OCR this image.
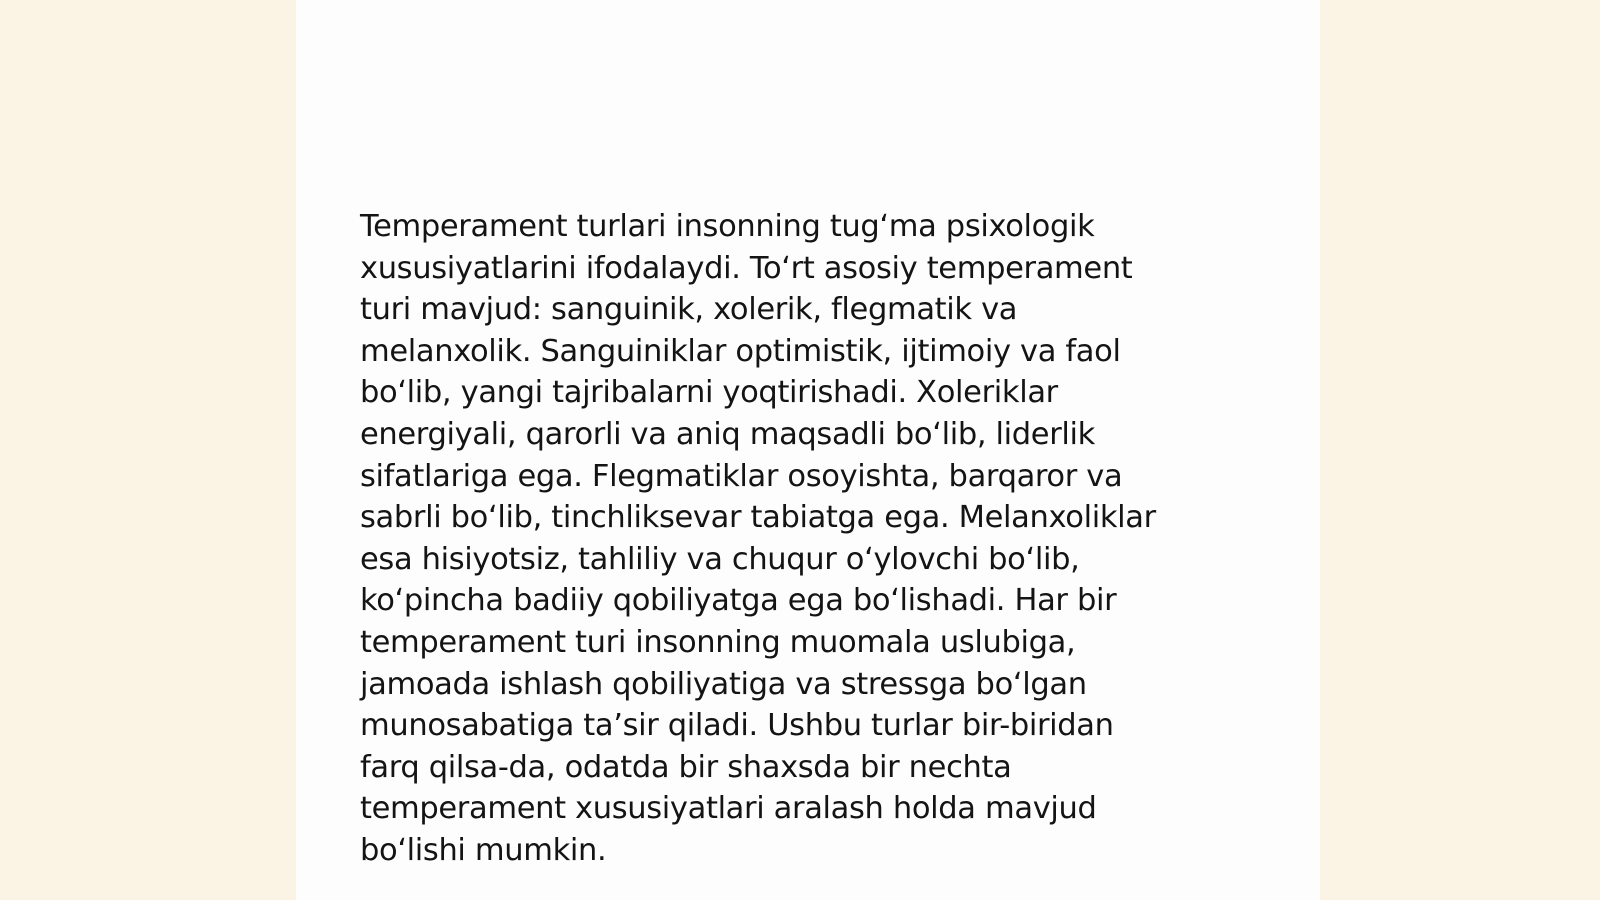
Temperament turlari insonning tug‘ma psixologik
xususiyatlarini ifodalaydi. To‘rt asosiy temperament
turi mavjud: sanguinik, xolerik, flegmatik va
melanxolik. Sanguiniklar optimistik, ijtimoiy va faol
bo‘lib, yangi tajribalarni yoqtirishadi. Xoleriklar
energiyali, qarorli va aniq maqsadli bo‘lib, liderlik
sifatlariga ega. Flegmatiklar osoyishta, barqaror va
sabrli bo‘lib, tinchliksevar tabiatga ega. Melanxoliklar
esa hisiyotsiz, tahliliy va chuqur o‘ylovchi bo‘lib,
ko‘pincha badiiy qobiliyatga ega bo‘lishadi. Har bir
temperament turi insonning muomala uslubiga,
jamoada ishlash qobiliyatiga va stressga bo‘lgan
munosabatiga ta’sir qiladi. Ushbu turlar bir-biridan
farq qilsa-da, odatda bir shaxsda bir nechta
temperament xususiyatlari aralash holda mavjud
bo‘lishi mumkin.
